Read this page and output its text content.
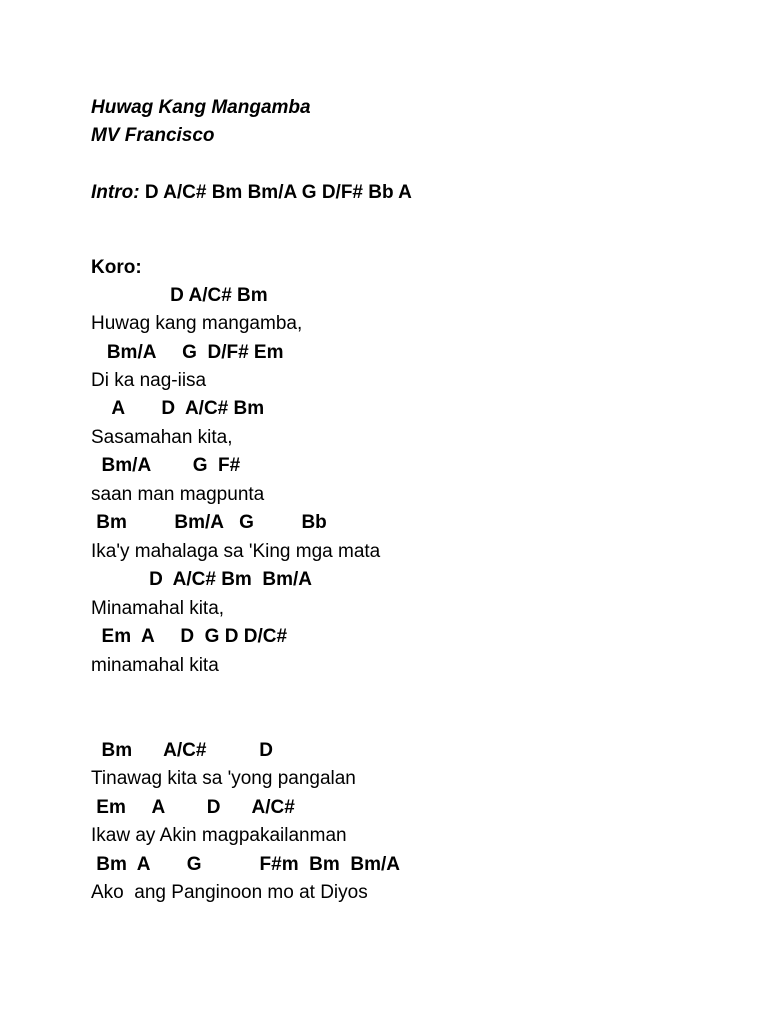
Huwag Kang Mangamba

MV Francisco

Intro: D A/C# Bm Bm/A G D/F# Bb A

Koro:

D A/C# Bm

Huwag kang mangamba,

Bm/A     G  D/F# Em

Di ka nag-iisa

A       D  A/C# Bm

Sasamahan kita,

Bm/A        G  F#

saan man magpunta

Bm         Bm/A   G         Bb

Ika'y mahalaga sa 'King mga mata

D  A/C# Bm  Bm/A

Minamahal kita,

Em  A     D  G D D/C#

minamahal kita

Bm      A/C#          D

Tinawag kita sa 'yong pangalan

Em     A        D      A/C#

Ikaw ay Akin magpakailanman

Bm  A       G           F#m  Bm  Bm/A

Ako  ang Panginoon mo at Diyos
